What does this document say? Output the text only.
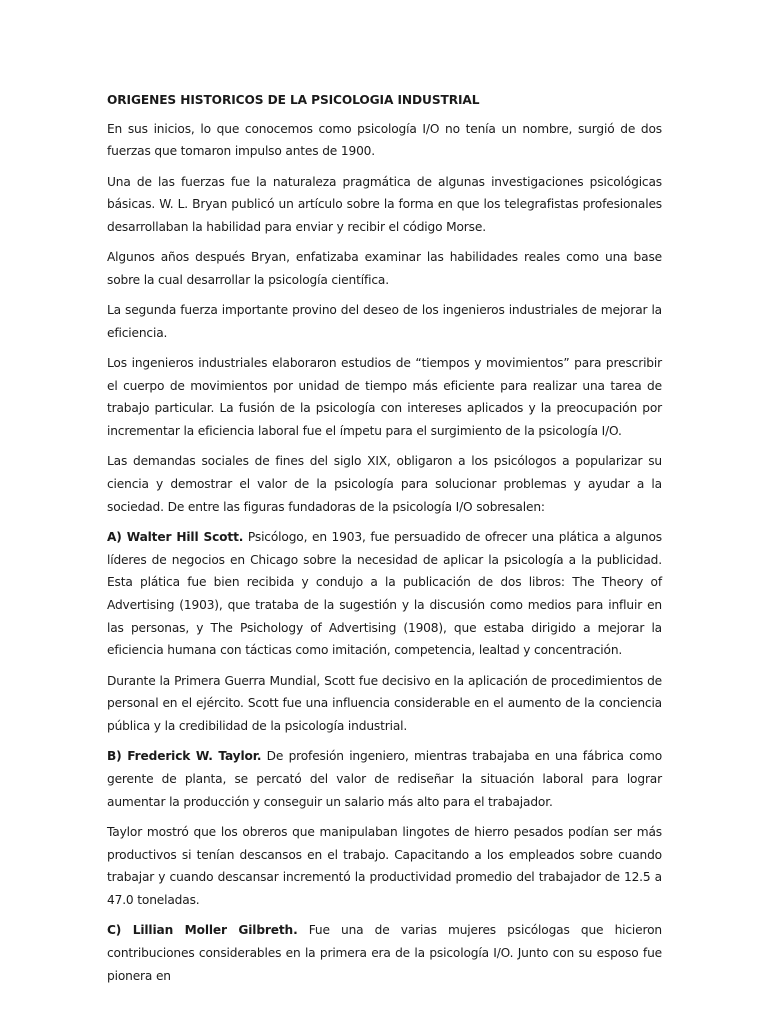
ORIGENES HISTORICOS DE LA PSICOLOGIA INDUSTRIAL

En sus inicios, lo que conocemos como psicología I/O no tenía un nombre, surgió de dos fuerzas que tomaron impulso antes de 1900.

Una de las fuerzas fue la naturaleza pragmática de algunas investigaciones psicológicas básicas. W. L. Bryan publicó un artículo sobre la forma en que los telegrafistas profesionales desarrollaban la habilidad para enviar y recibir el código Morse.

Algunos años después Bryan, enfatizaba examinar las habilidades reales como una base sobre la cual desarrollar la psicología científica.

La segunda fuerza importante provino del deseo de los ingenieros industriales de mejorar la eficiencia.

Los ingenieros industriales elaboraron estudios de “tiempos y movimientos” para prescribir el cuerpo de movimientos por unidad de tiempo más eficiente para realizar una tarea de trabajo particular. La fusión de la psicología con intereses aplicados y la preocupación por incrementar la eficiencia laboral fue el ímpetu para el surgimiento de la psicología I/O.

Las demandas sociales de fines del siglo XIX, obligaron a los psicólogos a popularizar su ciencia y demostrar el valor de la psicología para solucionar problemas y ayudar a la sociedad. De entre las figuras fundadoras de la psicología I/O sobresalen:

A) Walter Hill Scott. Psicólogo, en 1903, fue persuadido de ofrecer una plática a algunos líderes de negocios en Chicago sobre la necesidad de aplicar la psicología a la publicidad. Esta plática fue bien recibida y condujo a la publicación de dos libros: The Theory of Advertising (1903), que trataba de la sugestión y la discusión como medios para influir en las personas, y The Psichology of Advertising (1908), que estaba dirigido a mejorar la eficiencia humana con tácticas como imitación, competencia, lealtad y concentración.

Durante la Primera Guerra Mundial, Scott fue decisivo en la aplicación de procedimientos de personal en el ejército. Scott fue una influencia considerable en el aumento de la conciencia pública y la credibilidad de la psicología industrial.

B) Frederick W. Taylor. De profesión ingeniero, mientras trabajaba en una fábrica como gerente de planta, se percató del valor de rediseñar la situación laboral para lograr aumentar la producción y conseguir un salario más alto para el trabajador.

Taylor mostró que los obreros que manipulaban lingotes de hierro pesados podían ser más productivos si tenían descansos en el trabajo. Capacitando a los empleados sobre cuando trabajar y cuando descansar incrementó la productividad promedio del trabajador de 12.5 a 47.0 toneladas.

C) Lillian Moller Gilbreth. Fue una de varias mujeres psicólogas que hicieron contribuciones considerables en la primera era de la psicología I/O. Junto con su esposo fue pionera en
